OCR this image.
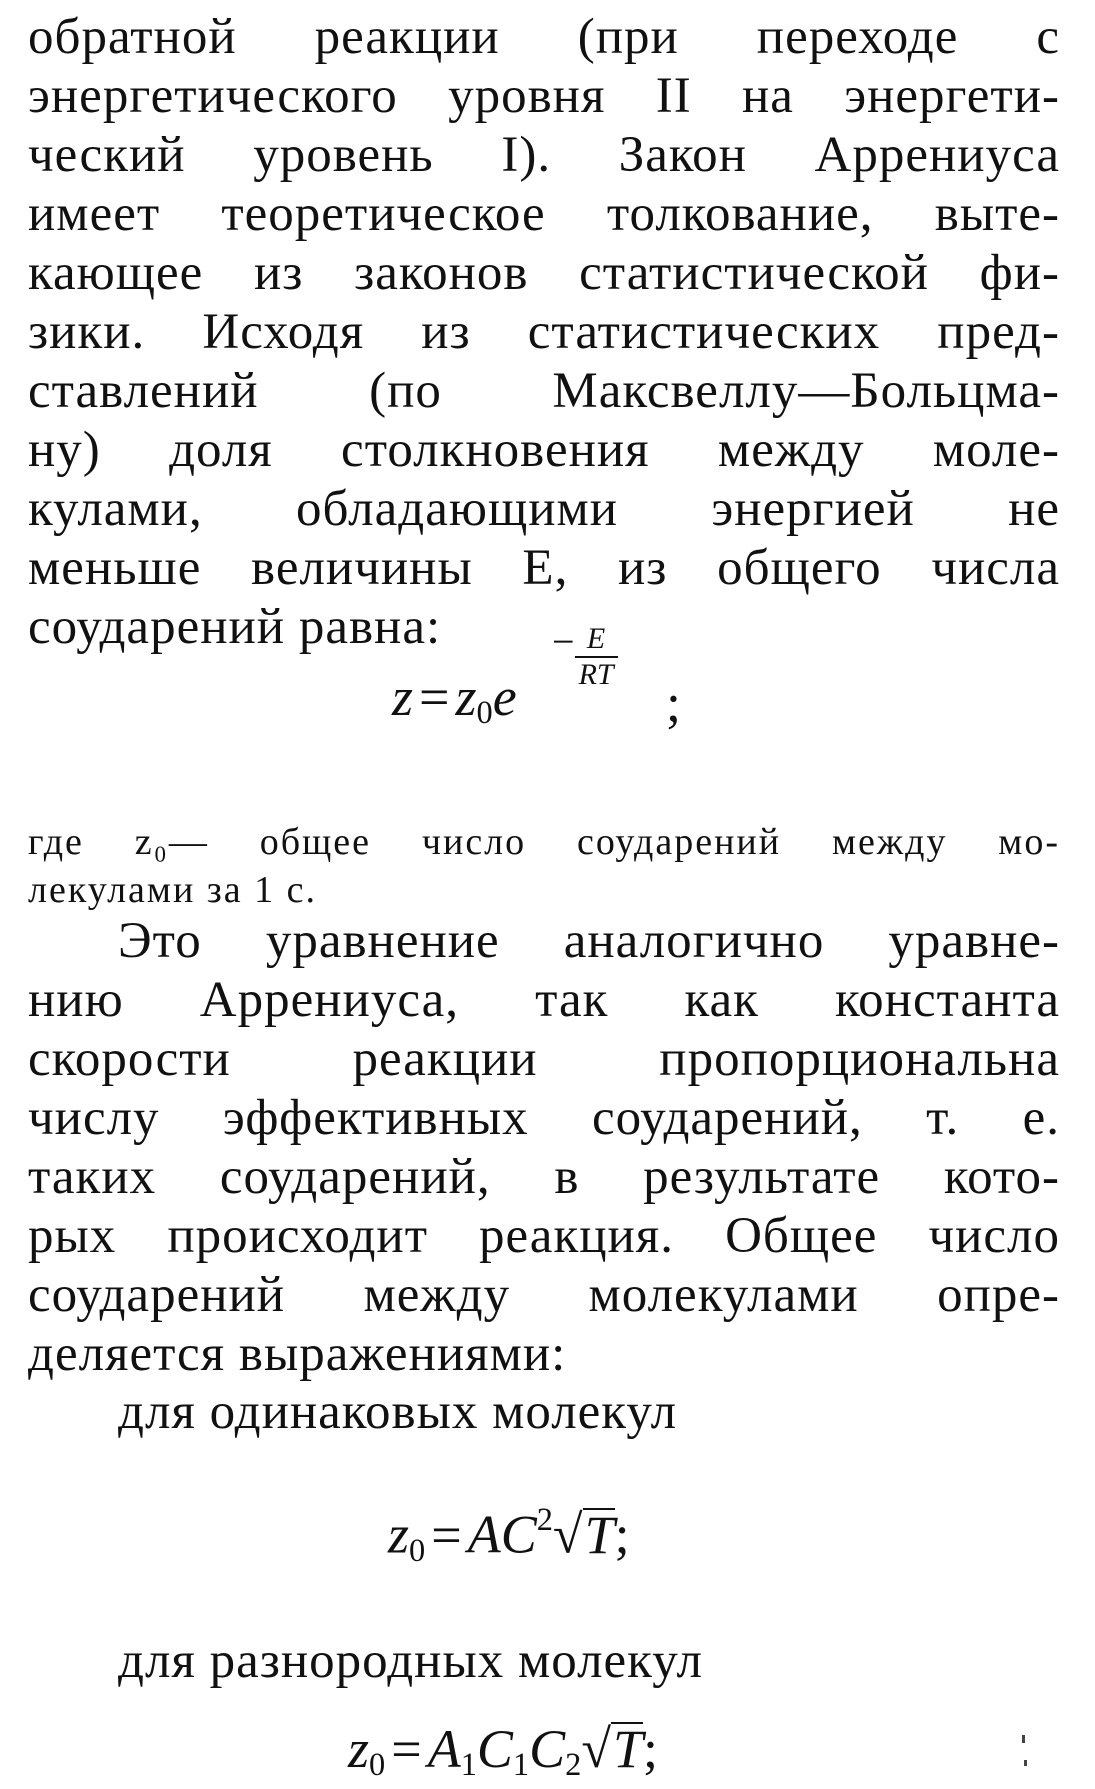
обратной реакции (при переходе с
энергетического уровня II на энергети-
ческий уровень I). Закон Аррениуса
имеет теоретическое толкование, выте-
кающее из законов статистической фи-
зики. Исходя из статистических пред-
ставлений (по Максвеллу—Больцма-
ну) доля столкновения между моле-
кулами, обладающими энергией не
меньше величины E, из общего числа
соударений равна:
$z = z_0e$
− $\frac{E}{RT}$
;
где z₀— общее число соударений между мо-
лекулами за 1 с.
Это уравнение аналогично уравне-
нию Аррениуса, так как константа
скорости реакции пропорциональна
числу эффективных соударений, т. е.
таких соударений, в результате кото-
рых происходит реакция. Общее число
соударений между молекулами опре-
деляется выражениями:
для одинаковых молекул
$z_0 = AC^2√T$;
для разнородных молекул
$z_0 = A_1C_1C_2√T$;
